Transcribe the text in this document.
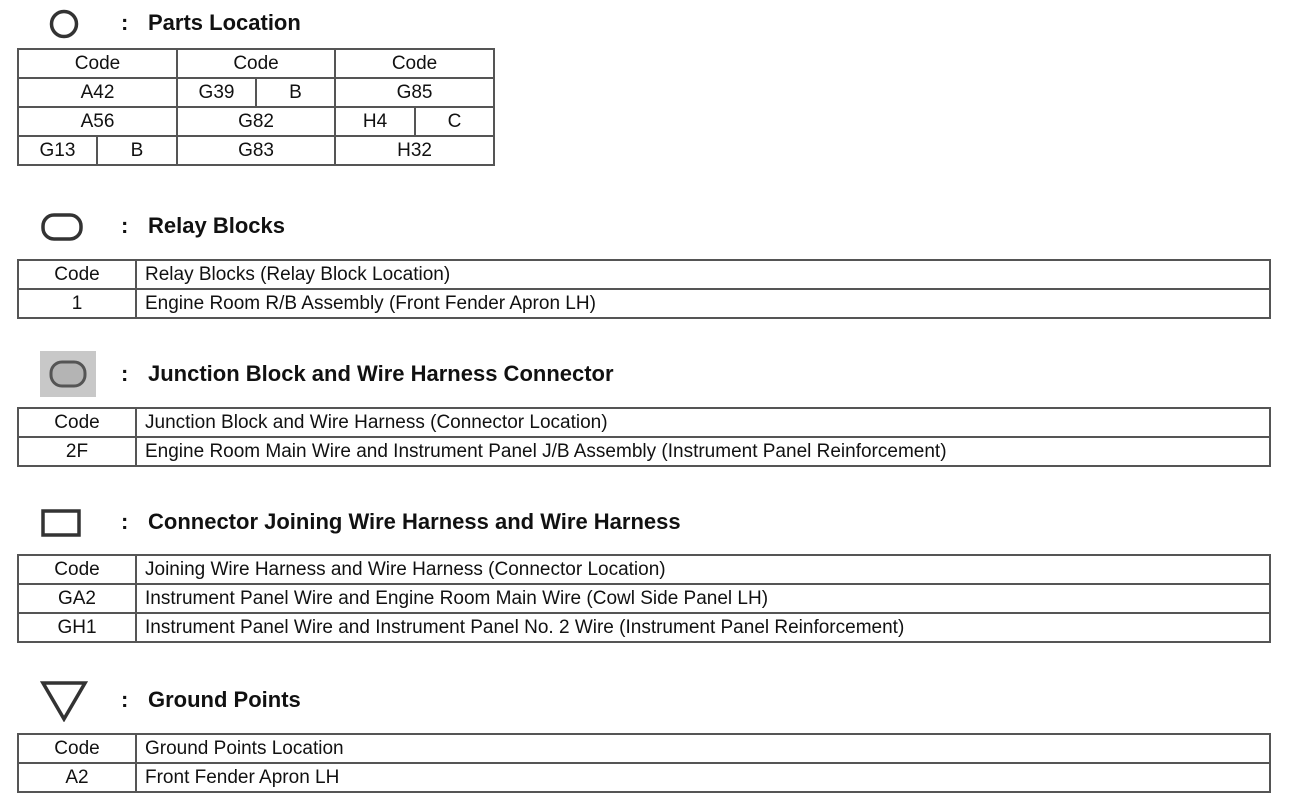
: Parts Location
Code		Code		Code	
A42		G39	B	G85	
A56		G82		H4	C
G13	B	G83		H32	
: Relay Blocks
Code	Relay Blocks (Relay Block Location)
1	Engine Room R/B Assembly (Front Fender Apron LH)
: Junction Block and Wire Harness Connector
Code	Junction Block and Wire Harness (Connector Location)
2F	Engine Room Main Wire and Instrument Panel J/B Assembly (Instrument Panel Reinforcement)
: Connector Joining Wire Harness and Wire Harness
Code	Joining Wire Harness and Wire Harness (Connector Location)
GA2	Instrument Panel Wire and Engine Room Main Wire (Cowl Side Panel LH)
GH1	Instrument Panel Wire and Instrument Panel No. 2 Wire (Instrument Panel Reinforcement)
: Ground Points
Code	Ground Points Location
A2	Front Fender Apron LH
